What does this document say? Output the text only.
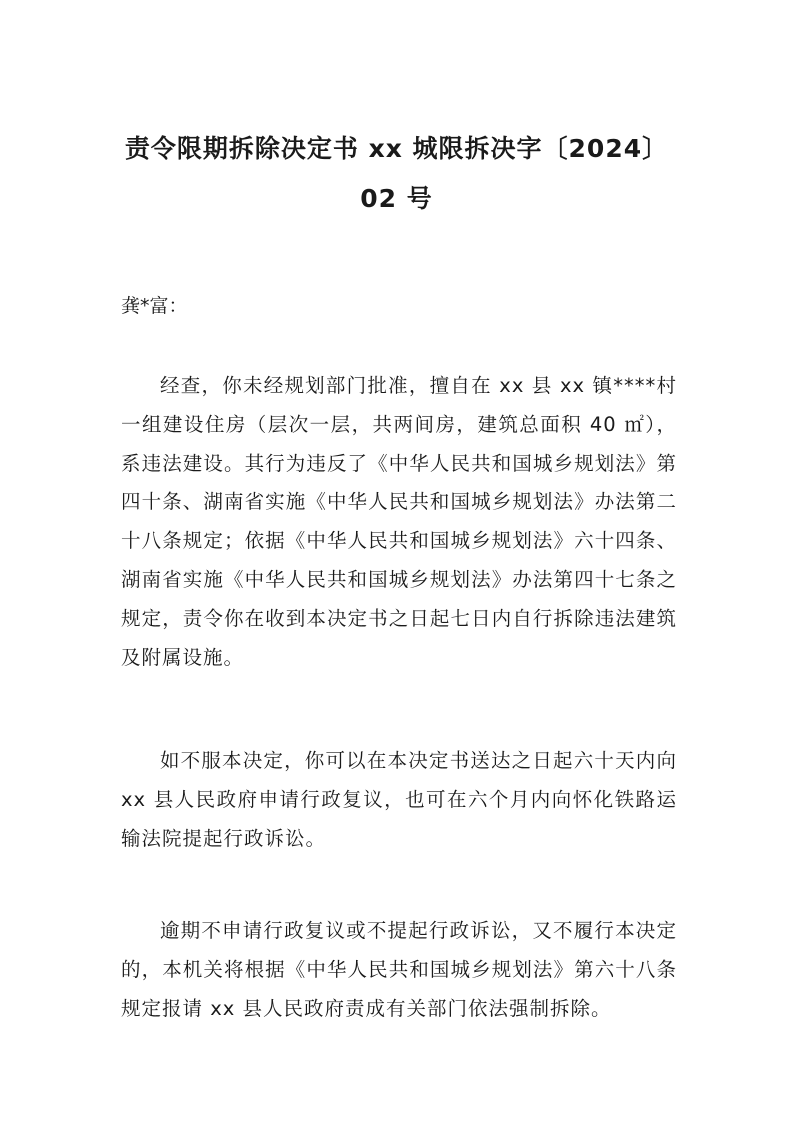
责令限期拆除决定书 xx 城限拆决字〔2024〕02 号
龚*富：

经查，你未经规划部门批准，擅自在 xx 县 xx 镇****村一组建设住房（层次一层，共两间房，建筑总面积 40 ㎡），系违法建设。其行为违反了《中华人民共和国城乡规划法》第四十条、湖南省实施《中华人民共和国城乡规划法》办法第二十八条规定；依据《中华人民共和国城乡规划法》六十四条、湖南省实施《中华人民共和国城乡规划法》办法第四十七条之规定，责令你在收到本决定书之日起七日内自行拆除违法建筑及附属设施。

如不服本决定，你可以在本决定书送达之日起六十天内向 xx 县人民政府申请行政复议，也可在六个月内向怀化铁路运输法院提起行政诉讼。

逾期不申请行政复议或不提起行政诉讼，又不履行本决定的，本机关将根据《中华人民共和国城乡规划法》第六十八条规定报请 xx 县人民政府责成有关部门依法强制拆除。
